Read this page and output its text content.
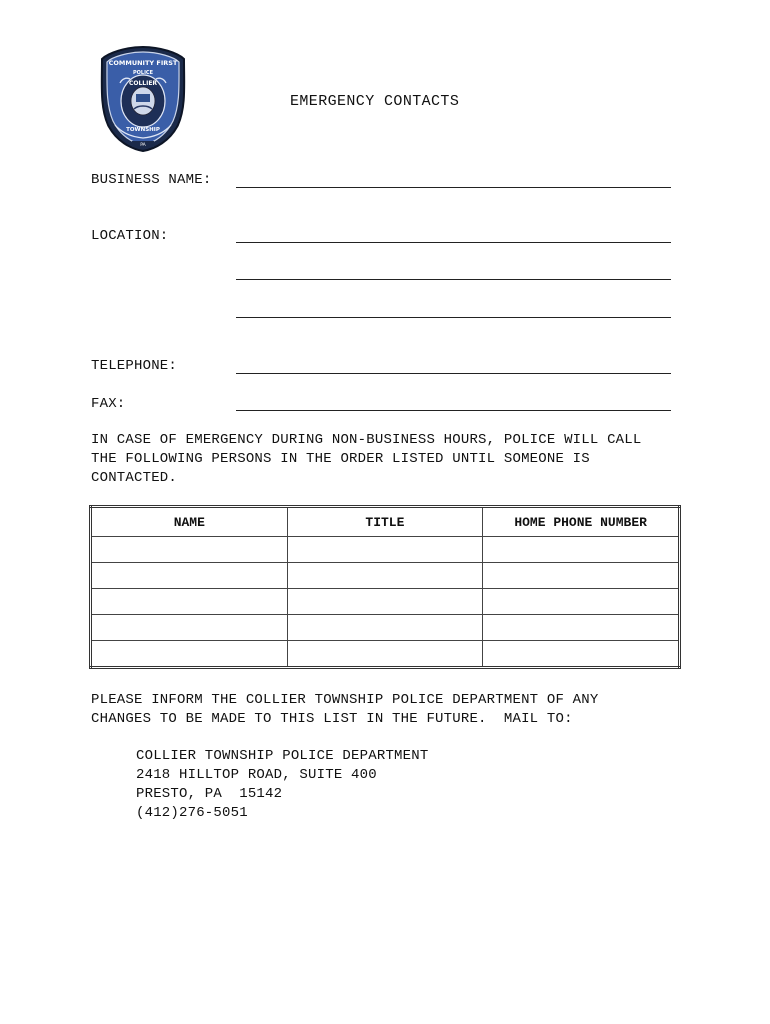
COMMUNITY FIRST
POLICE
COLLIER
TOWNSHIP
PA
EMERGENCY CONTACTS
BUSINESS NAME:
LOCATION:
TELEPHONE:
FAX:
IN CASE OF EMERGENCY DURING NON-BUSINESS HOURS, POLICE WILL CALL
THE FOLLOWING PERSONS IN THE ORDER LISTED UNTIL SOMEONE IS
CONTACTED.
NAME	TITLE	HOME PHONE NUMBER

PLEASE INFORM THE COLLIER TOWNSHIP POLICE DEPARTMENT OF ANY
CHANGES TO BE MADE TO THIS LIST IN THE FUTURE.  MAIL TO:
COLLIER TOWNSHIP POLICE DEPARTMENT
2418 HILLTOP ROAD, SUITE 400
PRESTO, PA  15142
(412)276-5051
